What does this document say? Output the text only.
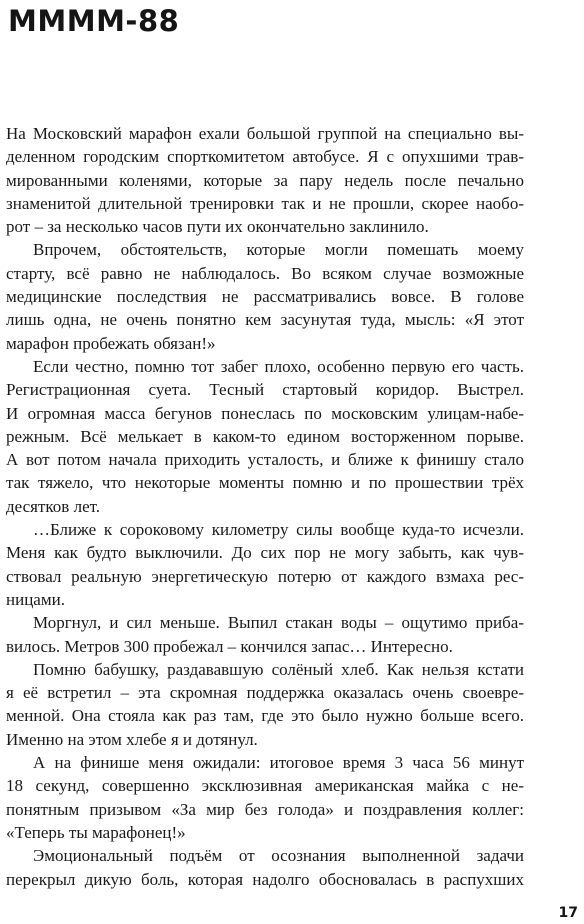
ММММ-88
На Московский марафон ехали большой группой на специально вы-
деленном городским спорткомитетом автобусе. Я с опухшими трав-
мированными коленями, которые за пару недель после печально
знаменитой длительной тренировки так и не прошли, скорее наобо-
рот – за несколько часов пути их окончательно заклинило.
Впрочем, обстоятельств, которые могли помешать моему
старту, всё равно не наблюдалось. Во всяком случае возможные
медицинские последствия не рассматривались вовсе. В голове
лишь одна, не очень понятно кем засунутая туда, мысль: «Я этот
марафон пробежать обязан!»
Если честно, помню тот забег плохо, особенно первую его часть.
Регистрационная суета. Тесный стартовый коридор. Выстрел.
И огромная масса бегунов понеслась по московским улицам-набе-
режным. Всё мелькает в каком-то едином восторженном порыве.
А вот потом начала приходить усталость, и ближе к финишу стало
так тяжело, что некоторые моменты помню и по прошествии трёх
десятков лет.
…Ближе к сороковому километру силы вообще куда-то исчезли.
Меня как будто выключили. До сих пор не могу забыть, как чув-
ствовал реальную энергетическую потерю от каждого взмаха рес-
ницами.
Моргнул, и сил меньше. Выпил стакан воды – ощутимо приба-
вилось. Метров 300 пробежал – кончился запас… Интересно.
Помню бабушку, раздававшую солёный хлеб. Как нельзя кстати
я её встретил – эта скромная поддержка оказалась очень своевре-
менной. Она стояла как раз там, где это было нужно больше всего.
Именно на этом хлебе я и дотянул.
А на финише меня ожидали: итоговое время 3 часа 56 минут
18 секунд, совершенно эксклюзивная американская майка с не-
понятным призывом «За мир без голода» и поздравления коллег:
«Теперь ты марафонец!»
Эмоциональный подъём от осознания выполненной задачи
перекрыл дикую боль, которая надолго обосновалась в распухших
17
